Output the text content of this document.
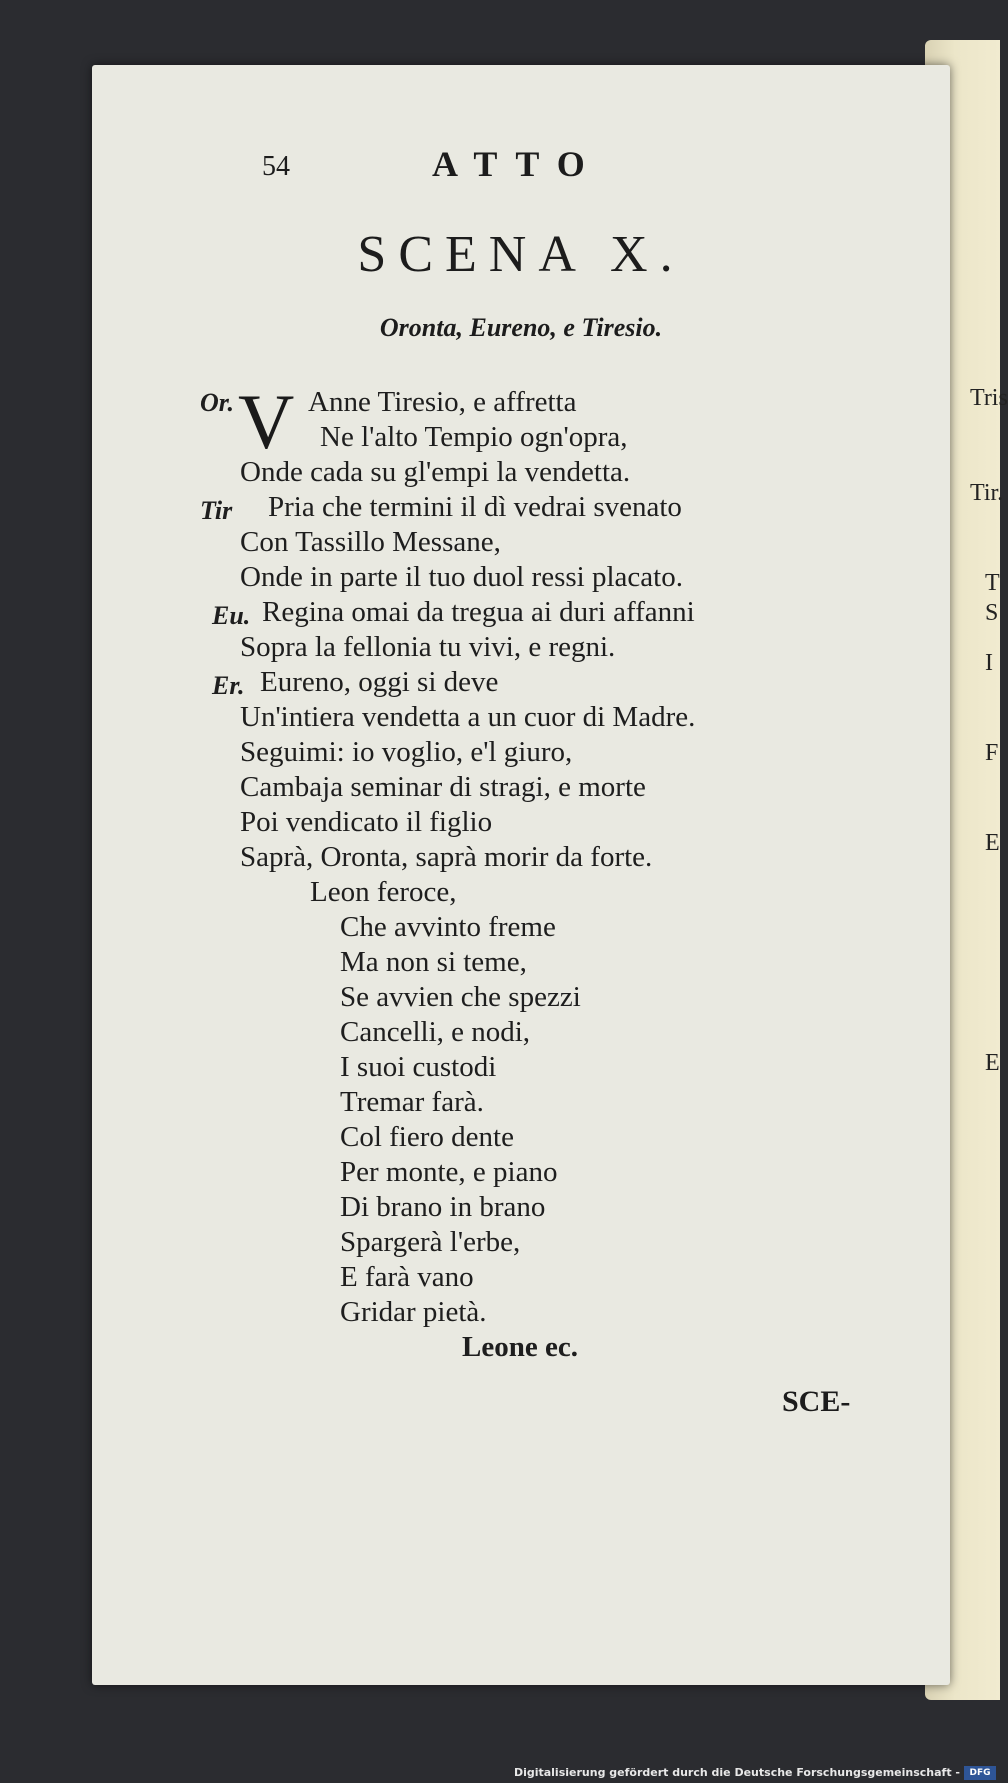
Tris
Tir.
T
S
I
F
E
E
54	ATTO
SCENA X.
Oronta, Eureno, e Tiresio.
Or. V Anne Tiresio, e affretta
Ne l'alto Tempio ogn'opra,
Onde cada su gl'empi la vendetta.
Tir Pria che termini il dì vedrai svenato
Con Tassillo Messane,
Onde in parte il tuo duol ressi placato.
Eu. Regina omai da tregua ai duri affanni
Sopra la fellonia tu vivi, e regni.
Er. Eureno, oggi si deve
Un'intiera vendetta a un cuor di Madre.
Seguimi: io voglio, e'l giuro,
Cambaja seminar di stragi, e morte
Poi vendicato il figlio
Saprà, Oronta, saprà morir da forte.
Leon feroce,
Che avvinto freme
Ma non si teme,
Se avvien che spezzi
Cancelli, e nodi,
I suoi custodi
Tremar farà.
Col fiero dente
Per monte, e piano
Di brano in brano
Spargerà l'erbe,
E farà vano
Gridar pietà.
Leone ec.
SCE-
Digitalisierung gefördert durch die Deutsche Forschungsgemeinschaft -	DFG
